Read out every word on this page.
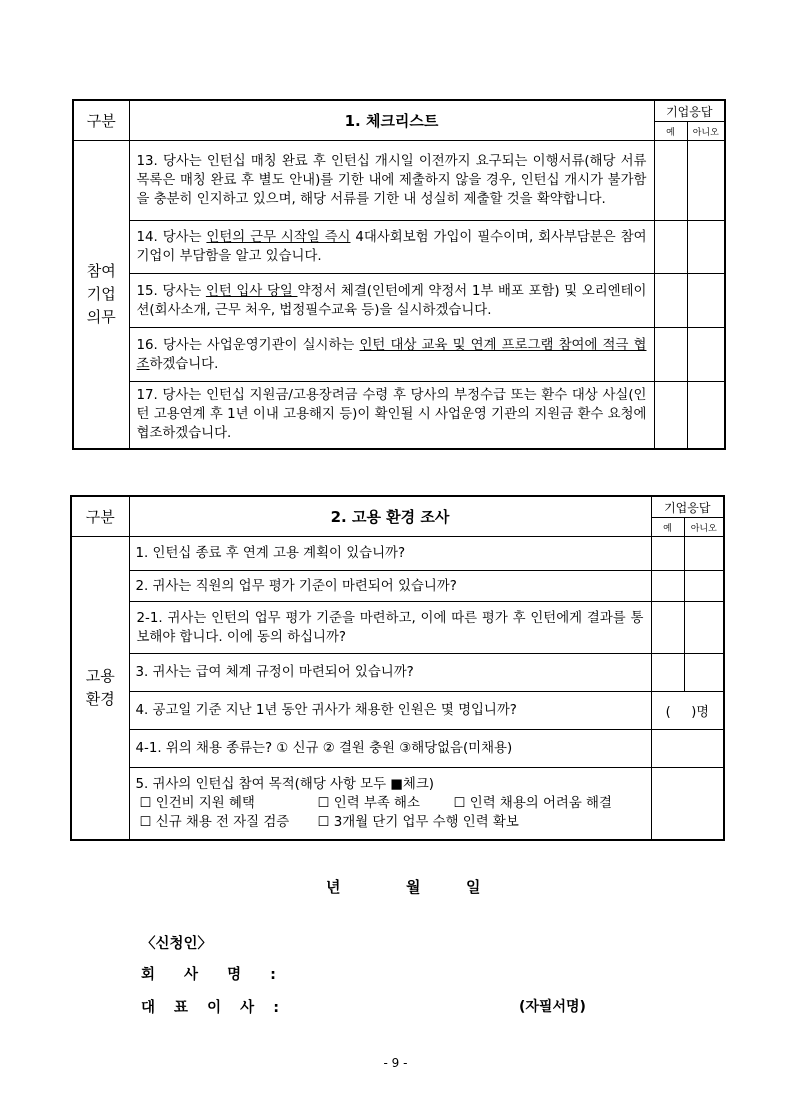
구분	1. 체크리스트	기업응답	
		예	아니오
참여
기업
의무	13. 당사는 인턴십 매칭 완료 후 인턴십 개시일 이전까지 요구되는 이행서류(해당 서류 목록은 매칭 완료 후 별도 안내)를 기한 내에 제출하지 않을 경우, 인턴십 개시가 불가함을 충분히 인지하고 있으며, 해당 서류를 기한 내 성실히 제출할 것을 확약합니다.		
	14. 당사는 인턴의 근무 시작일 즉시 4대사회보험 가입이 필수이며, 회사부담분은 참여기업이 부담함을 알고 있습니다.		
	15. 당사는 인턴 입사 당일 약정서 체결(인턴에게 약정서 1부 배포 포함) 및 오리엔테이션(회사소개, 근무 처우, 법정필수교육 등)을 실시하겠습니다.		
	16. 당사는 사업운영기관이 실시하는 인턴 대상 교육 및 연계 프로그램 참여에 적극 협조하겠습니다.		
	17. 당사는 인턴십 지원금/고용장려금 수령 후 당사의 부정수급 또는 환수 대상 사실(인턴 고용연계 후 1년 이내 고용해지 등)이 확인될 시 사업운영 기관의 지원금 환수 요청에 협조하겠습니다.		
구분	2. 고용 환경 조사	기업응답	
		예	아니오
고용
환경	1. 인턴십 종료 후 연계 고용 계획이 있습니까?		
	2. 귀사는 직원의 업무 평가 기준이 마련되어 있습니까?		
	2-1. 귀사는 인턴의 업무 평가 기준을 마련하고, 이에 따른 평가 후 인턴에게 결과를 통보해야 합니다. 이에 동의 하십니까?		
	3. 귀사는 급여 체계 규정이 마련되어 있습니까?		
	4. 공고일 기준 지난 1년 동안 귀사가 채용한 인원은 몇 명입니까?	(     )명	
	4-1. 위의 채용 종류는? ① 신규 ② 결원 충원 ③해당없음(미채용)		

	5. 귀사의 인턴십 참여 목적(해당 사항 모두 ■체크)
☐ 인건비 지원 혜택 ☐ 인력 부족 해소 ☐ 인력 채용의 어려움 해결
☐ 신규 채용 전 자질 검증 ☐ 3개월 단기 업무 수행 인력 확보		

년	월	일
〈신청인〉
회 사 명 :
대 표 이 사 :	(자필서명)
- 9 -
